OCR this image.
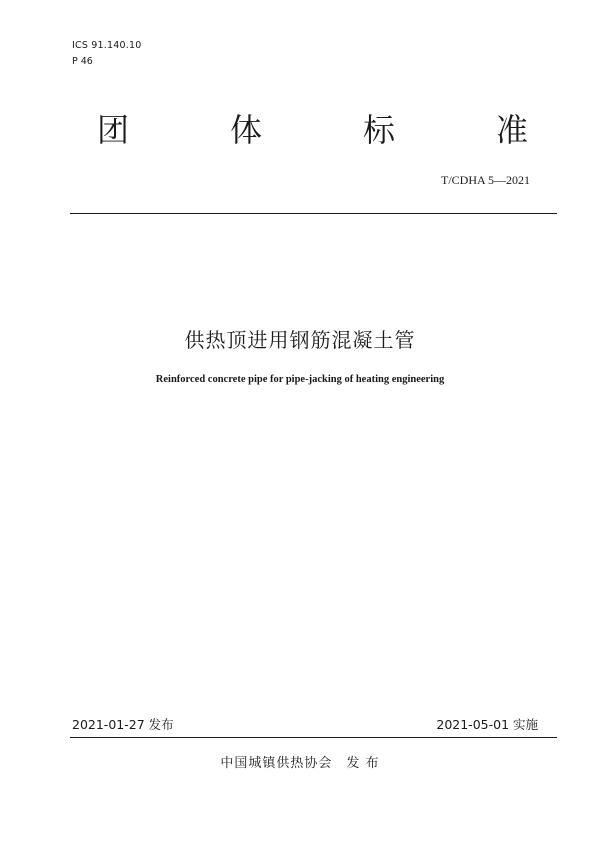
ICS 91.140.10
P 46
团	体	标	准
T/CDHA 5—2021
供热顶进用钢筋混凝土管
Reinforced concrete pipe for pipe-jacking of heating engineering
2021-01-27 发布	2021-05-01 实施
中国城镇供热协会　发 布
